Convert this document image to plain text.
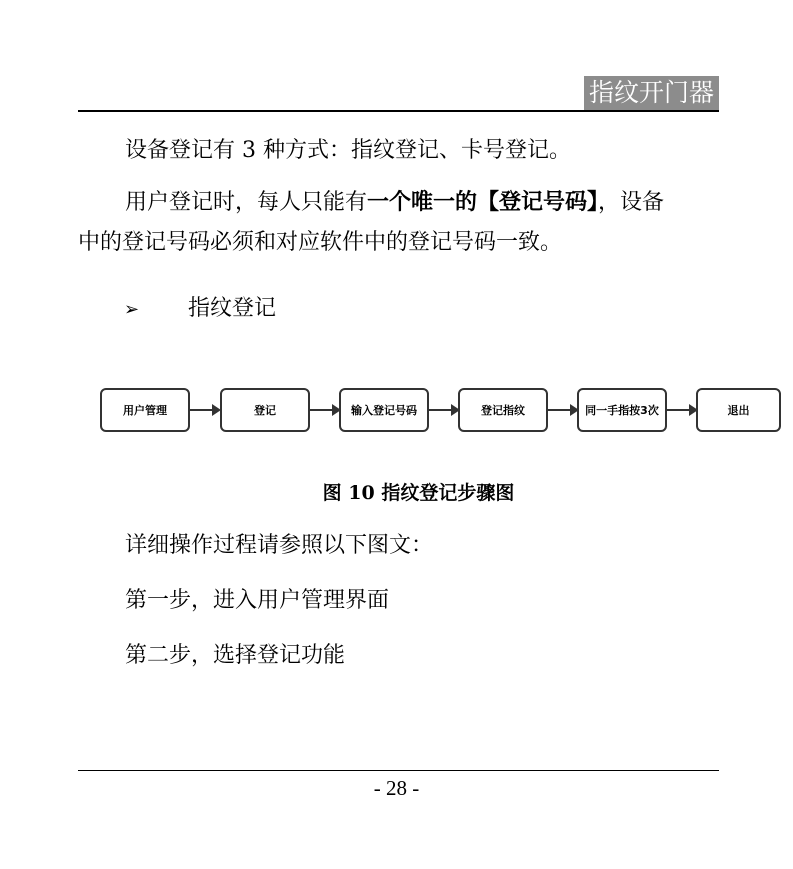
指纹开门器
设备登记有 3 种方式：指纹登记、卡号登记。
用户登记时，每人只能有一个唯一的【登记号码】，设备
中的登记号码必须和对应软件中的登记号码一致。
➢ 指纹登记
用户管理	登记	输入登记号码	登记指纹	同一手指按3次	退出
图 10 指纹登记步骤图
详细操作过程请参照以下图文：
第一步，进入用户管理界面
第二步，选择登记功能
- 28 -
